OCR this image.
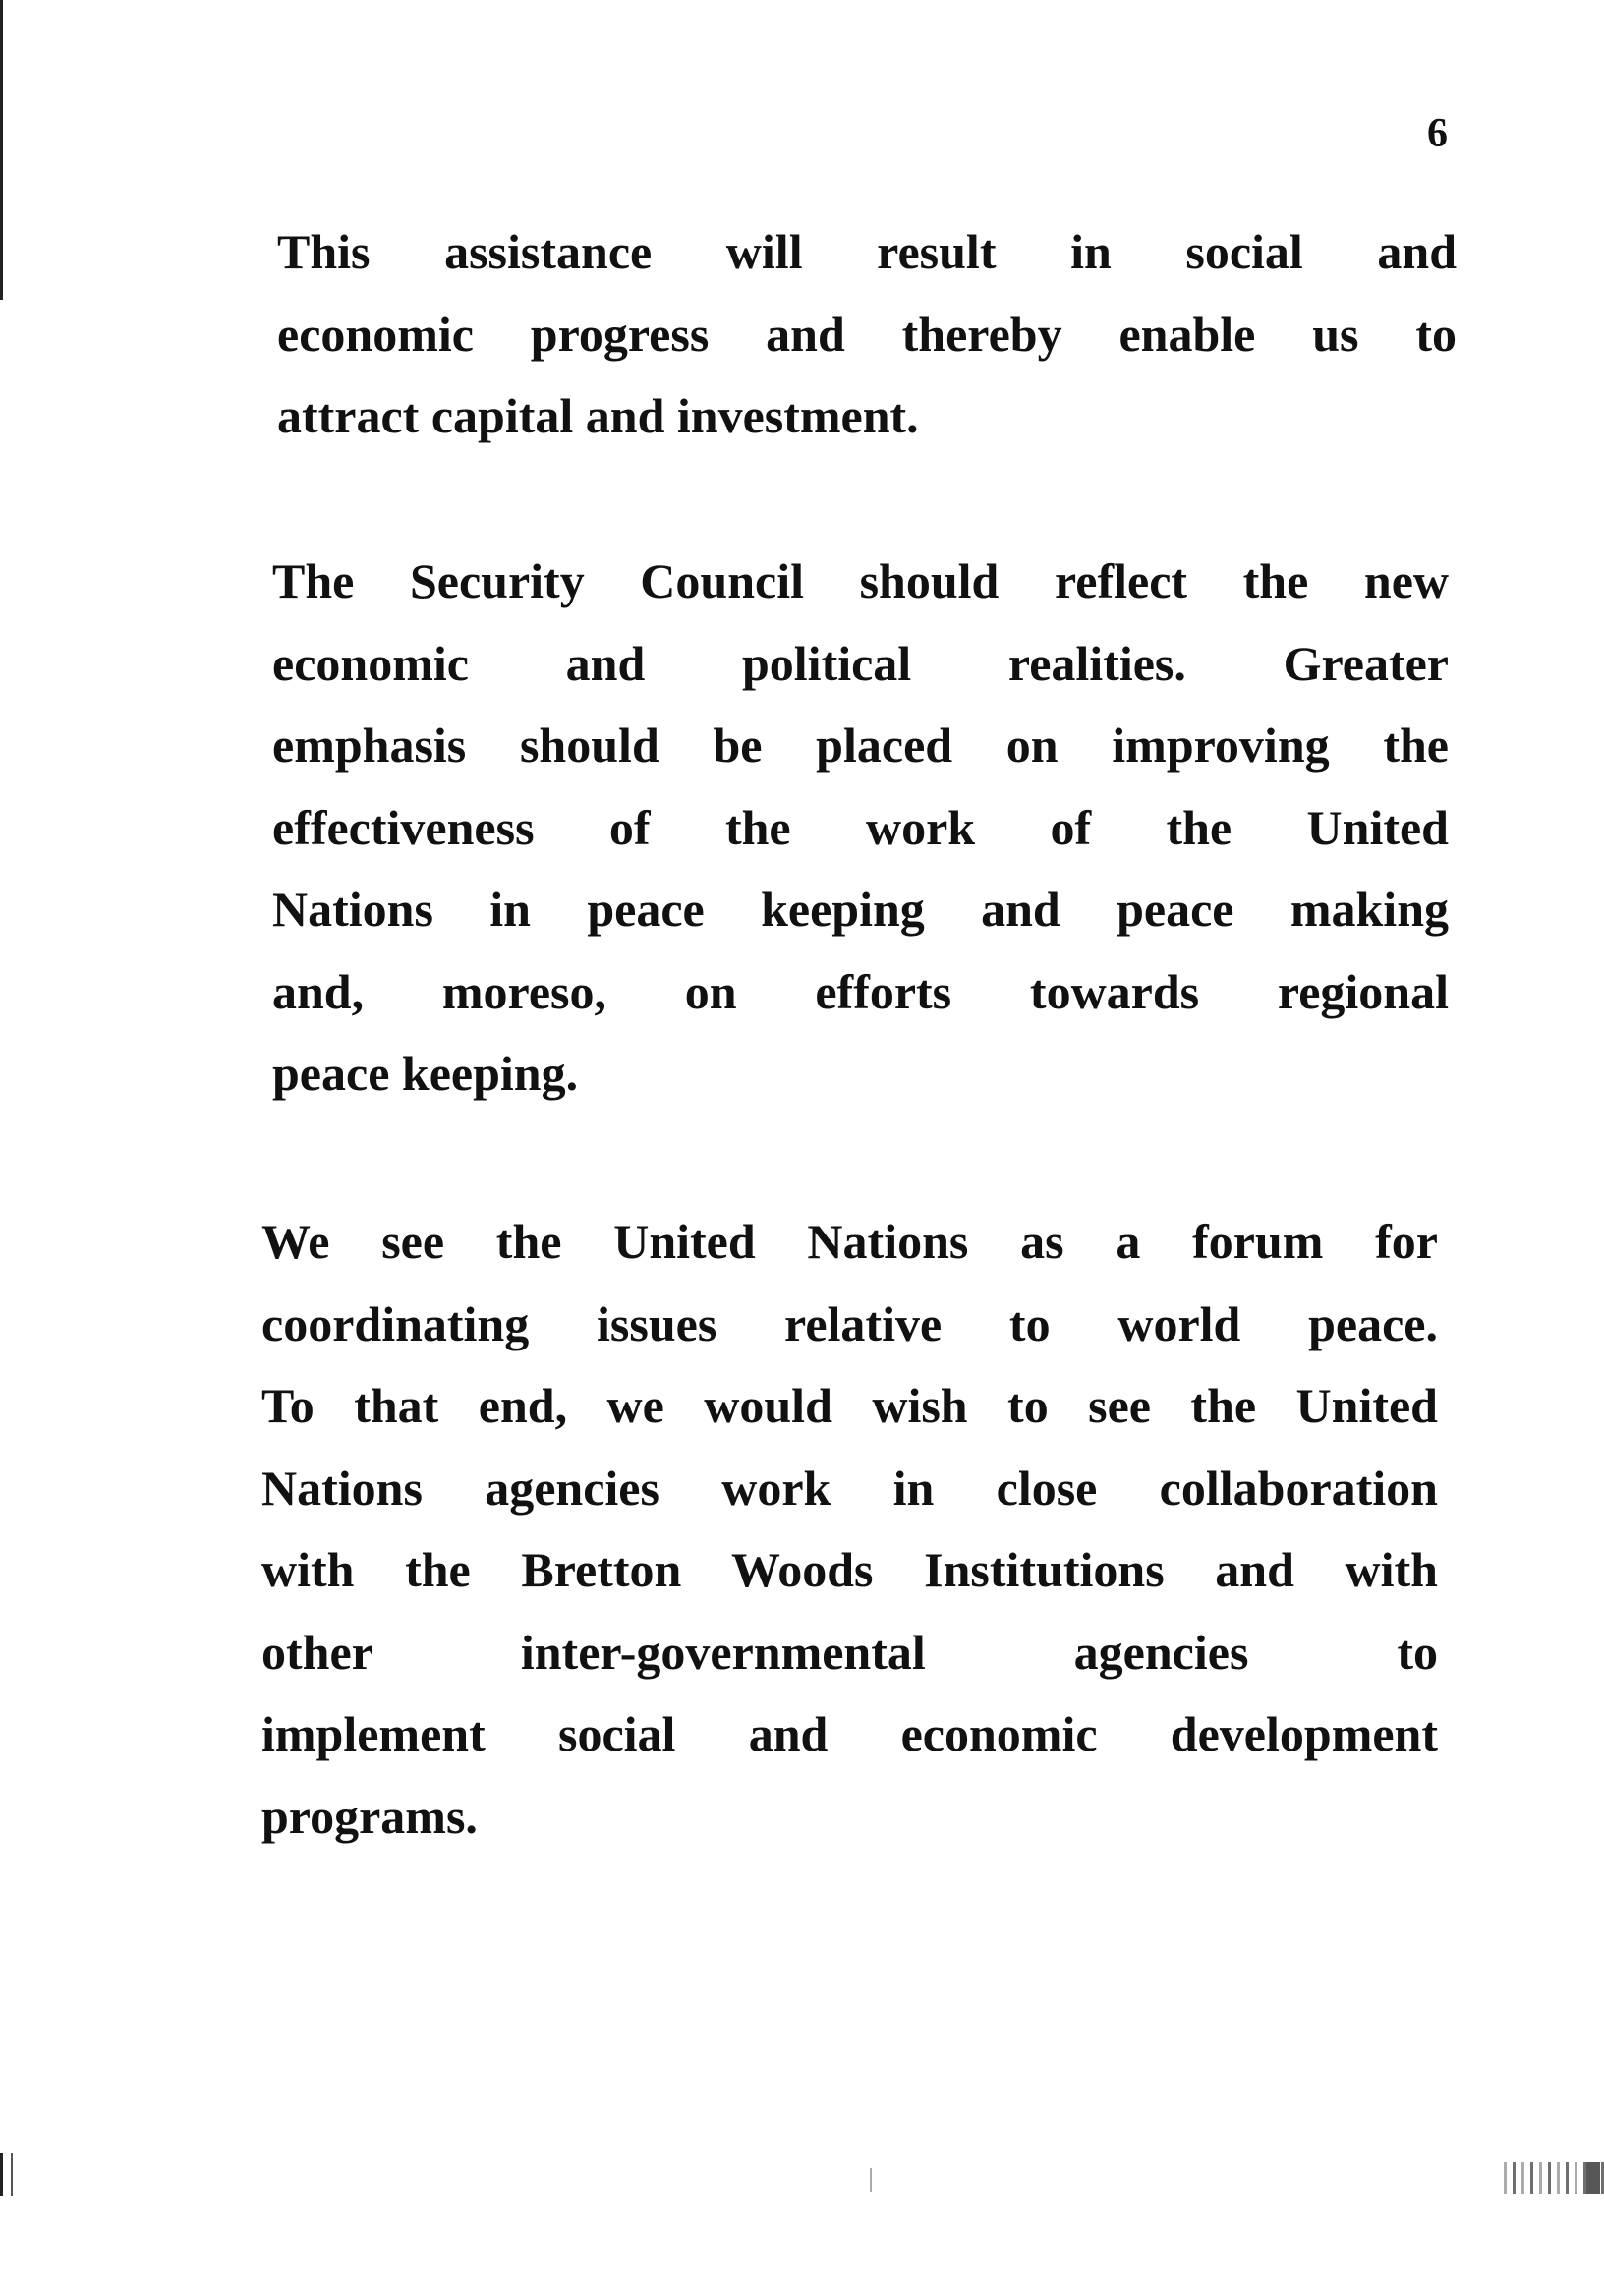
6
This assistance will result in social and
economic progress and thereby enable us to
attract capital and investment.
The Security Council should reflect the new
economic and political realities. Greater
emphasis should be placed on improving the
effectiveness of the work of the United
Nations in peace keeping and peace making
and, moreso, on efforts towards regional
peace keeping.
We see the United Nations as a forum for
coordinating issues relative to world peace.
To that end, we would wish to see the United
Nations agencies work in close collaboration
with the Bretton Woods Institutions and with
other inter-governmental agencies to
implement social and economic development
programs.
